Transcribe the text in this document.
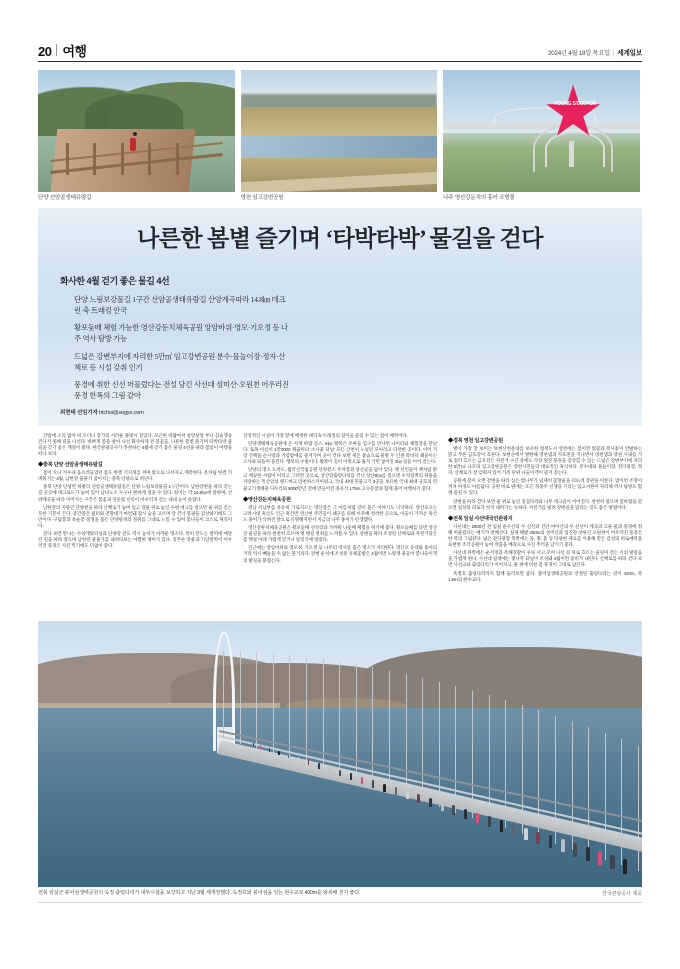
20 여행	2024년 4월 18일 목요일 | 세계일보
단양 선암골생태유람길	영천 임고강변공원
YOUNG STAR FOR
나주 영산강둔치의 홍어 조형물
나른한 봄볕 즐기며 ‘타박타박’ 물길을 걷다
화사한 4월 걷기 좋은 물길 4선

단양 느림보강물길 1구간 선암골생태유람길 산양계곡따라 14.8㎞ 데크런 축 트래킹 안국

황포돛배 체험 가능한 영산강둔치체육공원 앙암바위·영모·기오정 등 나주 역사 탐방 가능

드넓은 강변부지에 자리한 5만㎡ 임고강변공원 분수·물놀이장·정자·산책로 등 시설 갖춰 인기

풍경에 취한 신선 머물렀다는 전설 담긴 사선대 섬미산·오원천 어우러진 풍경 한폭의 그림 같아

최현태 선임기자 htchoi@segye.com

간밤에 소리 없이 비 오더니 강가의 서러운 풀빛이 짙었다. 모근한 바람마저 살랑살랑 부니 심술생숭 견디지 못해 길을 나선다. 바쁘게 봄을 살아 나선 화사하게 핀 봄꽃들. 나른한 봄볕 즐기며 타박타박 물길을 걷기 좋은 계절이 왔다. 한국관광공사가 추천하는 4월에 걷기 좋은 물길 4선을 따라 봄맞이 여행을 떠나 보자.

◆충북 단양 선암골생태유람길

봄이 오니 겨우내 움츠러들었던 몸도 한껏 기지개를 켜며 밖으로 나서자고 재촉한다. 옷차림 한결 가벼워지는 4월, 남한강 물줄기 굽이치는 충북 단양으로 떠난다.

충북 단양 단성면 하방리 선암골생태유람길은 단양 느림보강물길 1구간이다. 남한강변을 따라 걷는 길 곳곳에 데크로드가 놓여 있어 남녀노소 누구나 편하게 걸을 수 있다. 길이는 약 14.8㎞에 달하며, 산양계곡을 따라 이어지는 구간은 봄꽃과 연둣빛 신록이 어우러져 걷는 내내 눈이 즐겁다.

남한강의 지류인 단양천을 따라 산책로가 놓여 있고 강물 위로 놓인 수변 데크를 걸으면 물 위를 걷는 듯한 기분이 든다. 중간중간 쉼터와 전망대가 마련돼 잠시 숨을 고르며 강 건너 풍광을 감상하기에도 그만이다. 구담봉과 옥순봉 절경을 품은 단양팔경의 정취를 그대로 느낄 수 있어 봄나들이 코스로 제격이다.

걷다 보면 만나는 수양개빛터널과 단양강 잔도 역시 놓치기 아까운 명소다. 특히 잔도는 절벽에 매달린 길을 따라 걸으며 남한강 물줄기를 내려다보는 아찔한 재미가 있다. 짙푸른 강물과 기암절벽이 어우러진 풍경은 사진 찍기에도 더없이 좋다.

상징적인 시설이 가장 앞에 배정한 대덕속 트래킹의 길이들 즐길 수 있는 점이 매력이다.

단양생태체육공원에 온 사계 바람 돋스, 9㎞ 왕복은 조마들 입구를 만나면 나이터와 체험장을 만난다. 토목 이름이 1만2000 제곱미터 '소사울 터널' 모든 산천이 노닐던 모아라고 다련한 곳이다. 이어 가장 산책을 손사랑과 기암밭에를 즐겨가며 곳이 걷다 보면 세온 붙숨으로 물방 두 인천 폭바닥 왜돌이는 소사와 되돌아 돌린다. 행복의 수빛이다. 왕복이 길이 이쪽으로 옮겨 가면 굽어진 2㎞ 길을 이어 걷는다.

단양의 명소 도착도, 월악산국립공원 단양분소 주차장과 상산골을 담아 있다. 옛 선인들이 책처럼 맑고 깨끗한 사람이 어리고 그러면 곳으로, 상산암출렁다리를 건너 상산8㎞를 걸으면 수직절벽의 위용을 자랑하는 특산암의 랜드마크 만천하스카이워크, 국내 최대 민물고기 2곳을 보유한 국내 최대 규모의 민물고기생태관 다누리와 5000만년 전에 만들어진 종유석 175m 고수동굴과 함께 묶어 여행하기 좋다.

◆영산강둔치체육공원

전남 서남부를 유유히 가로지르는 영산강은 그 이름처럼 강이 품은 이야기도 넉넉하다. 영산포구는 고려시대 흑산도 인근 흑산면 영산현 주민들이 왜구를 피해 이주해 정착한 곳으로, 이들이 가져온 흑산도 홍어가 삭혀진 맛으로 유명해지면서 지금의 나주 홍어가 탄생했다.

영산강둔치체육공원은 황포돛배 선착장과 가까워 나룻배 체험을 하기에 좋다. 황포돛배를 타면 영산강 물길을 따라 천천히 흐르며 옛 뱃길 정취를 느껴볼 수 있다. 강변을 따라 조성된 산책로와 자전거길은 봄 햇살 아래 가볍게 걷거나 달리기에 알맞다.

인근에는 앙암바위와 영모정, 기오정 등 나주의 역사를 품은 명소가 자리한다. 영산포 등대와 홍어의 거리 역시 빼놓을 수 없는 볼거리다. 강변 둔치에 조성된 유채꽃밭은 4월이면 노랗게 물들어 봄나들이객의 발길을 붙잡는다.

◆경북 영천 임고강변공원

별이 가장 잘 보이는 보현산천문대를 보유한 청정도시 영천에는 봄이면 벚꽃과 복사꽃이 만발하는 맑고 푸른 금호강이 흐른다. 보현산에서 발원해 영천댐과 자호천을 지나면서 영천댐과 영천 시내를 가로 질러 흐르는 금호강은 자전거 구간 중에도 가장 멋진 풍경을 감상할 수 있는 드넓은 강변부지에 자리한 5만㎡ 규모의 임고강변공원은 영천시민들의 대표적인 휴식처다. 분수대와 물놀이장, 잔디광장, 정자, 산책로가 잘 갖춰져 있어 가족 단위 나들이객이 즐겨 찾는다.

공원에 봄이 오면 강변을 따라 심은 벚나무가 일제히 꽃망울을 터뜨려 장관을 이룬다. 밤이면 조명이 켜져 야경도 아름답다. 공원 바로 옆에는 포은 정몽주 선생을 기리는 임고서원이 자리해 역사 탐방도 함께 즐길 수 있다.

강변을 따라 걷다 보면 물 위로 놓인 징검다리와 나무 데크길이 이어진다. 천천히 걸으며 봄바람을 맞으면 일상의 피로가 씻겨 내려가는 듯하다. 자전거를 빌려 강변길을 달리는 것도 좋은 방법이다.

◆전북 임실 사선대국민관광지

사선대는 2000년 전 임실 운수산의 두 신선과 진안 마이산의 두 신선이 계곡의 고운 물과 풍경에 취해 머물렀다는 예기가 전해진다. 실제 해발 430m의 성미산과 섬진강 상류인 오원천이 어우러진 풍경은 한 폭의 그림같다. 넓은 잔디광장 북쪽에는 돌, 철, 흙 등 다양한 재료를 이용해 만든 감성의 희로애락을 표현한 조각공원이 놓여 작품을 배경으로 사진 추억을 남기기 좋다.

사선대 위쪽에는 운서정과 옥해경찰이 우뚝 서고 모여 나선 길 위로 흐르는 물길이 걷는 이의 발걸음을 가볍게 한다. 사선대 일대에는 벚나무 터널이 조성돼 4월이면 꽃비가 내린다. 산책로를 따라 걷다 보면 사선교와 출렁다리가 이어지고, 물 위에 비친 봄 풍경이 그대로 담긴다.

옥정호 출렁다리까지 함께 둘러보면 좋다. 붕어섬생태공원과 연결된 출렁다리는 길이 420m, 폭 1.5m의 현수교다.

전북 임실군 붕어섬생태공원의 옥정 출렁다리가 내부시설을 보강하고 지난 3월 재개장했다. 옥정호와 붕어섬을 잇는 현수교로 400m를 왕복해 걷기 좋다.	한국관광공사 제공
